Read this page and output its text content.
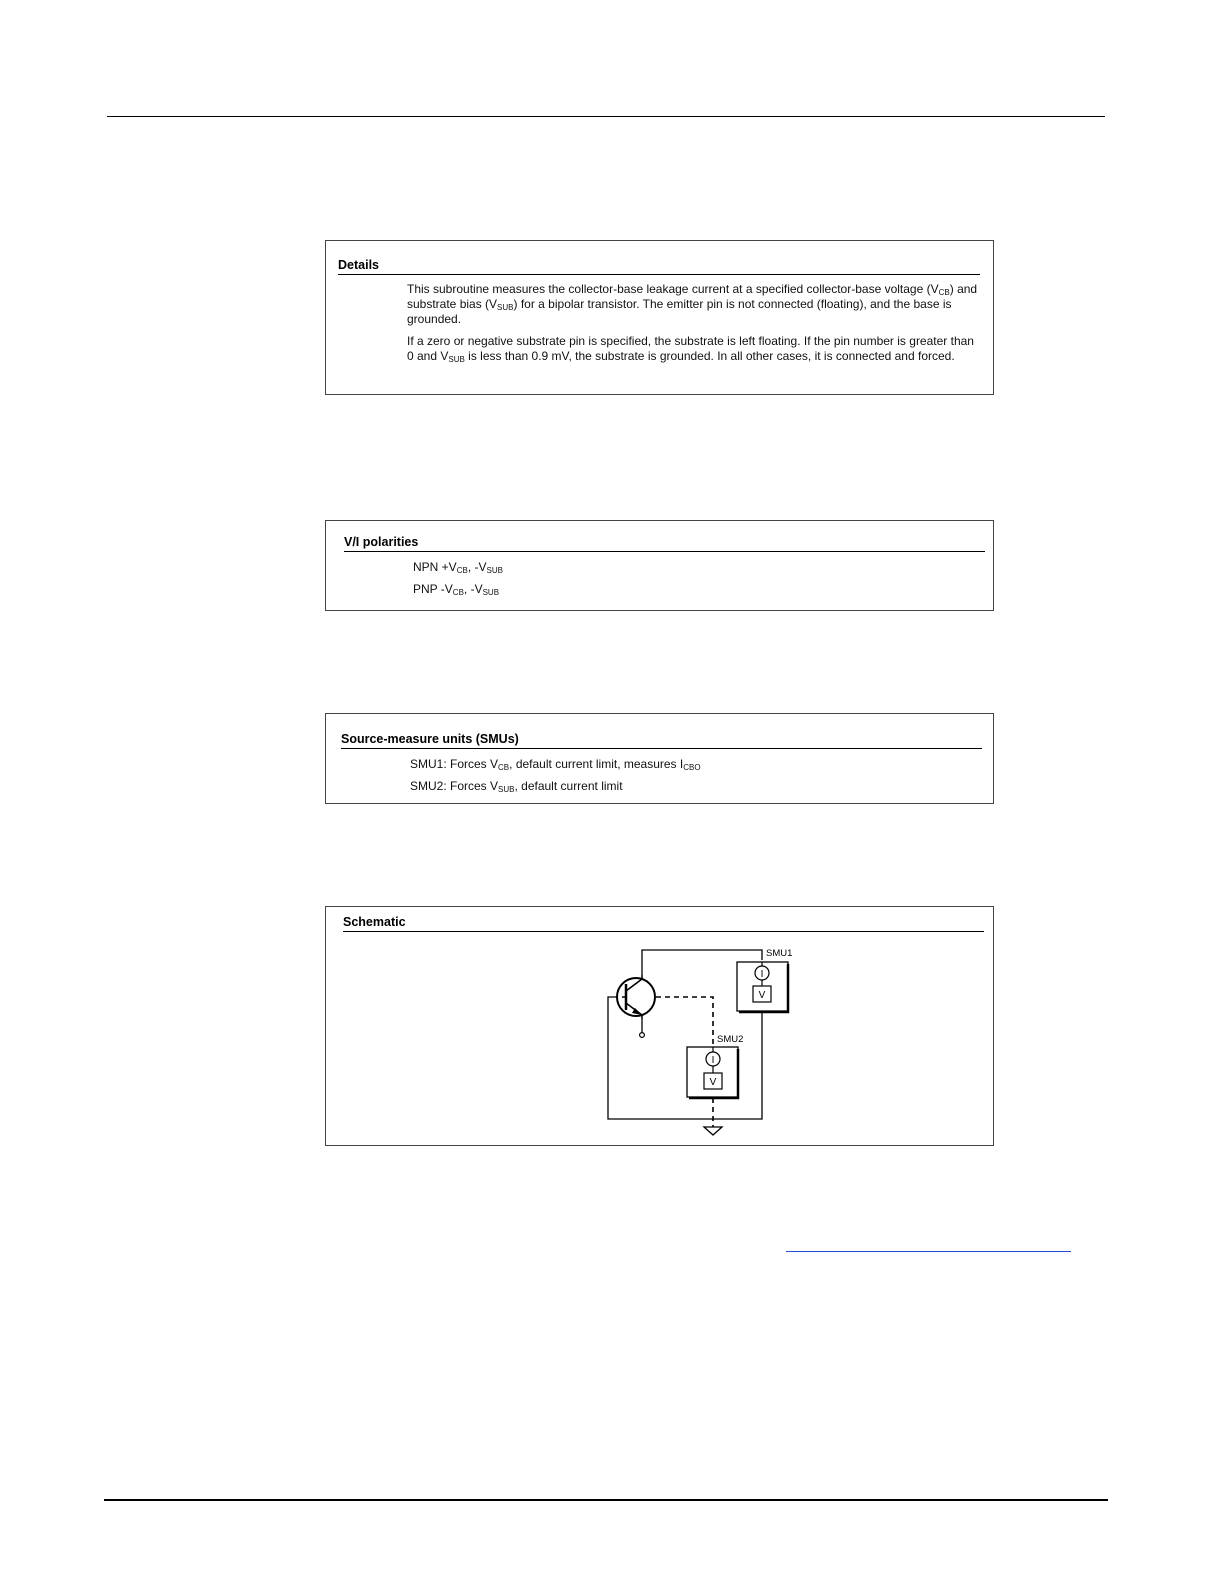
Details

This subroutine measures the collector-base leakage current at a specified collector-base voltage $(V_{CB})$ and substrate bias $(V_{SUB})$ for a bipolar transistor. The emitter pin is not connected (floating), and the base is grounded.

If a zero or negative substrate pin is specified, the substrate is left floating. If the pin number is greater than 0 and $V_{SUB}$ is less than 0.9 mV, the substrate is grounded. In all other cases, it is connected and forced.

V/I polarities
NPN $+V_{CB}$, $-V_{SUB}$
PNP $-V_{CB}$, $-V_{SUB}$
Source-measure units (SMUs)
SMU1: Forces $V_{CB}$, default current limit, measures $I_{CBO}$
SMU2: Forces $V_{SUB}$, default current limit
Schematic
I
V
SMU1
I
V
SMU2
